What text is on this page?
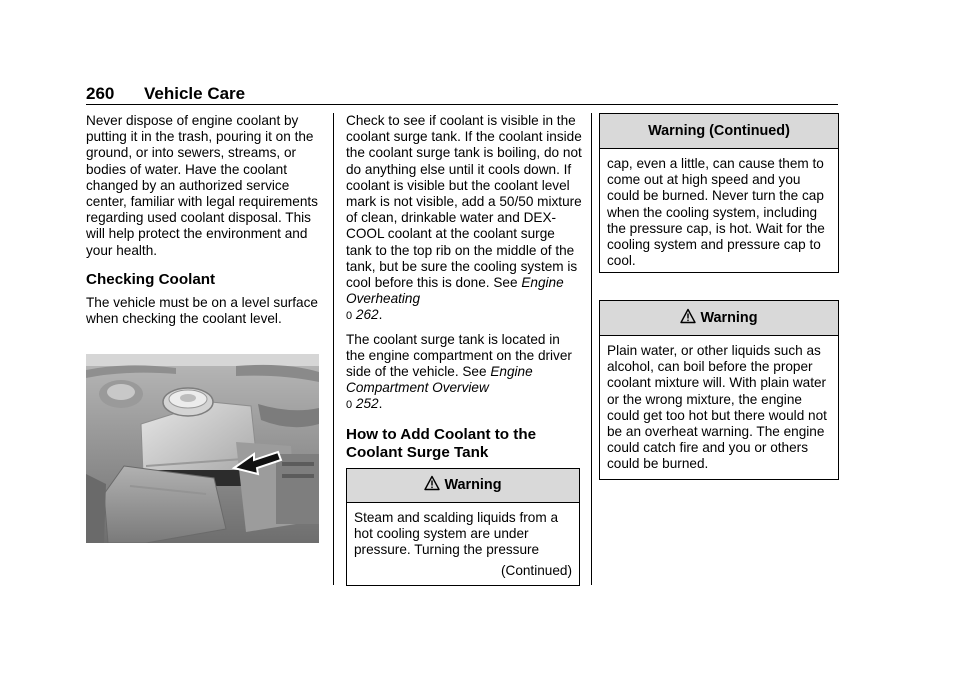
260 Vehicle Care

Never dispose of engine coolant by putting it in the trash, pouring it on the ground, or into sewers, streams, or bodies of water. Have the coolant changed by an authorized service center, familiar with legal requirements regarding used coolant disposal. This will help protect the environment and your health.

Checking Coolant

The vehicle must be on a level surface when checking the coolant level.

Check to see if coolant is visible in the coolant surge tank. If the coolant inside the coolant surge tank is boiling, do not do anything else until it cools down. If coolant is visible but the coolant level mark is not visible, add a 50/50 mixture of clean, drinkable water and DEX-COOL coolant at the coolant surge tank to the top rib on the middle of the tank, but be sure the cooling system is cool before this is done. See Engine Overheating
0 262.

The coolant surge tank is located in the engine compartment on the driver side of the vehicle. See Engine Compartment Overview
0 252.

How to Add Coolant to the Coolant Surge Tank
Warning
Steam and scalding liquids from a hot cooling system are under pressure. Turning the pressure
(Continued)
Warning (Continued)
cap, even a little, can cause them to come out at high speed and you could be burned. Never turn the cap when the cooling system, including the pressure cap, is hot. Wait for the cooling system and pressure cap to cool.
Warning
Plain water, or other liquids such as alcohol, can boil before the proper coolant mixture will. With plain water or the wrong mixture, the engine could get too hot but there would not be an overheat warning. The engine could catch fire and you or others could be burned.
